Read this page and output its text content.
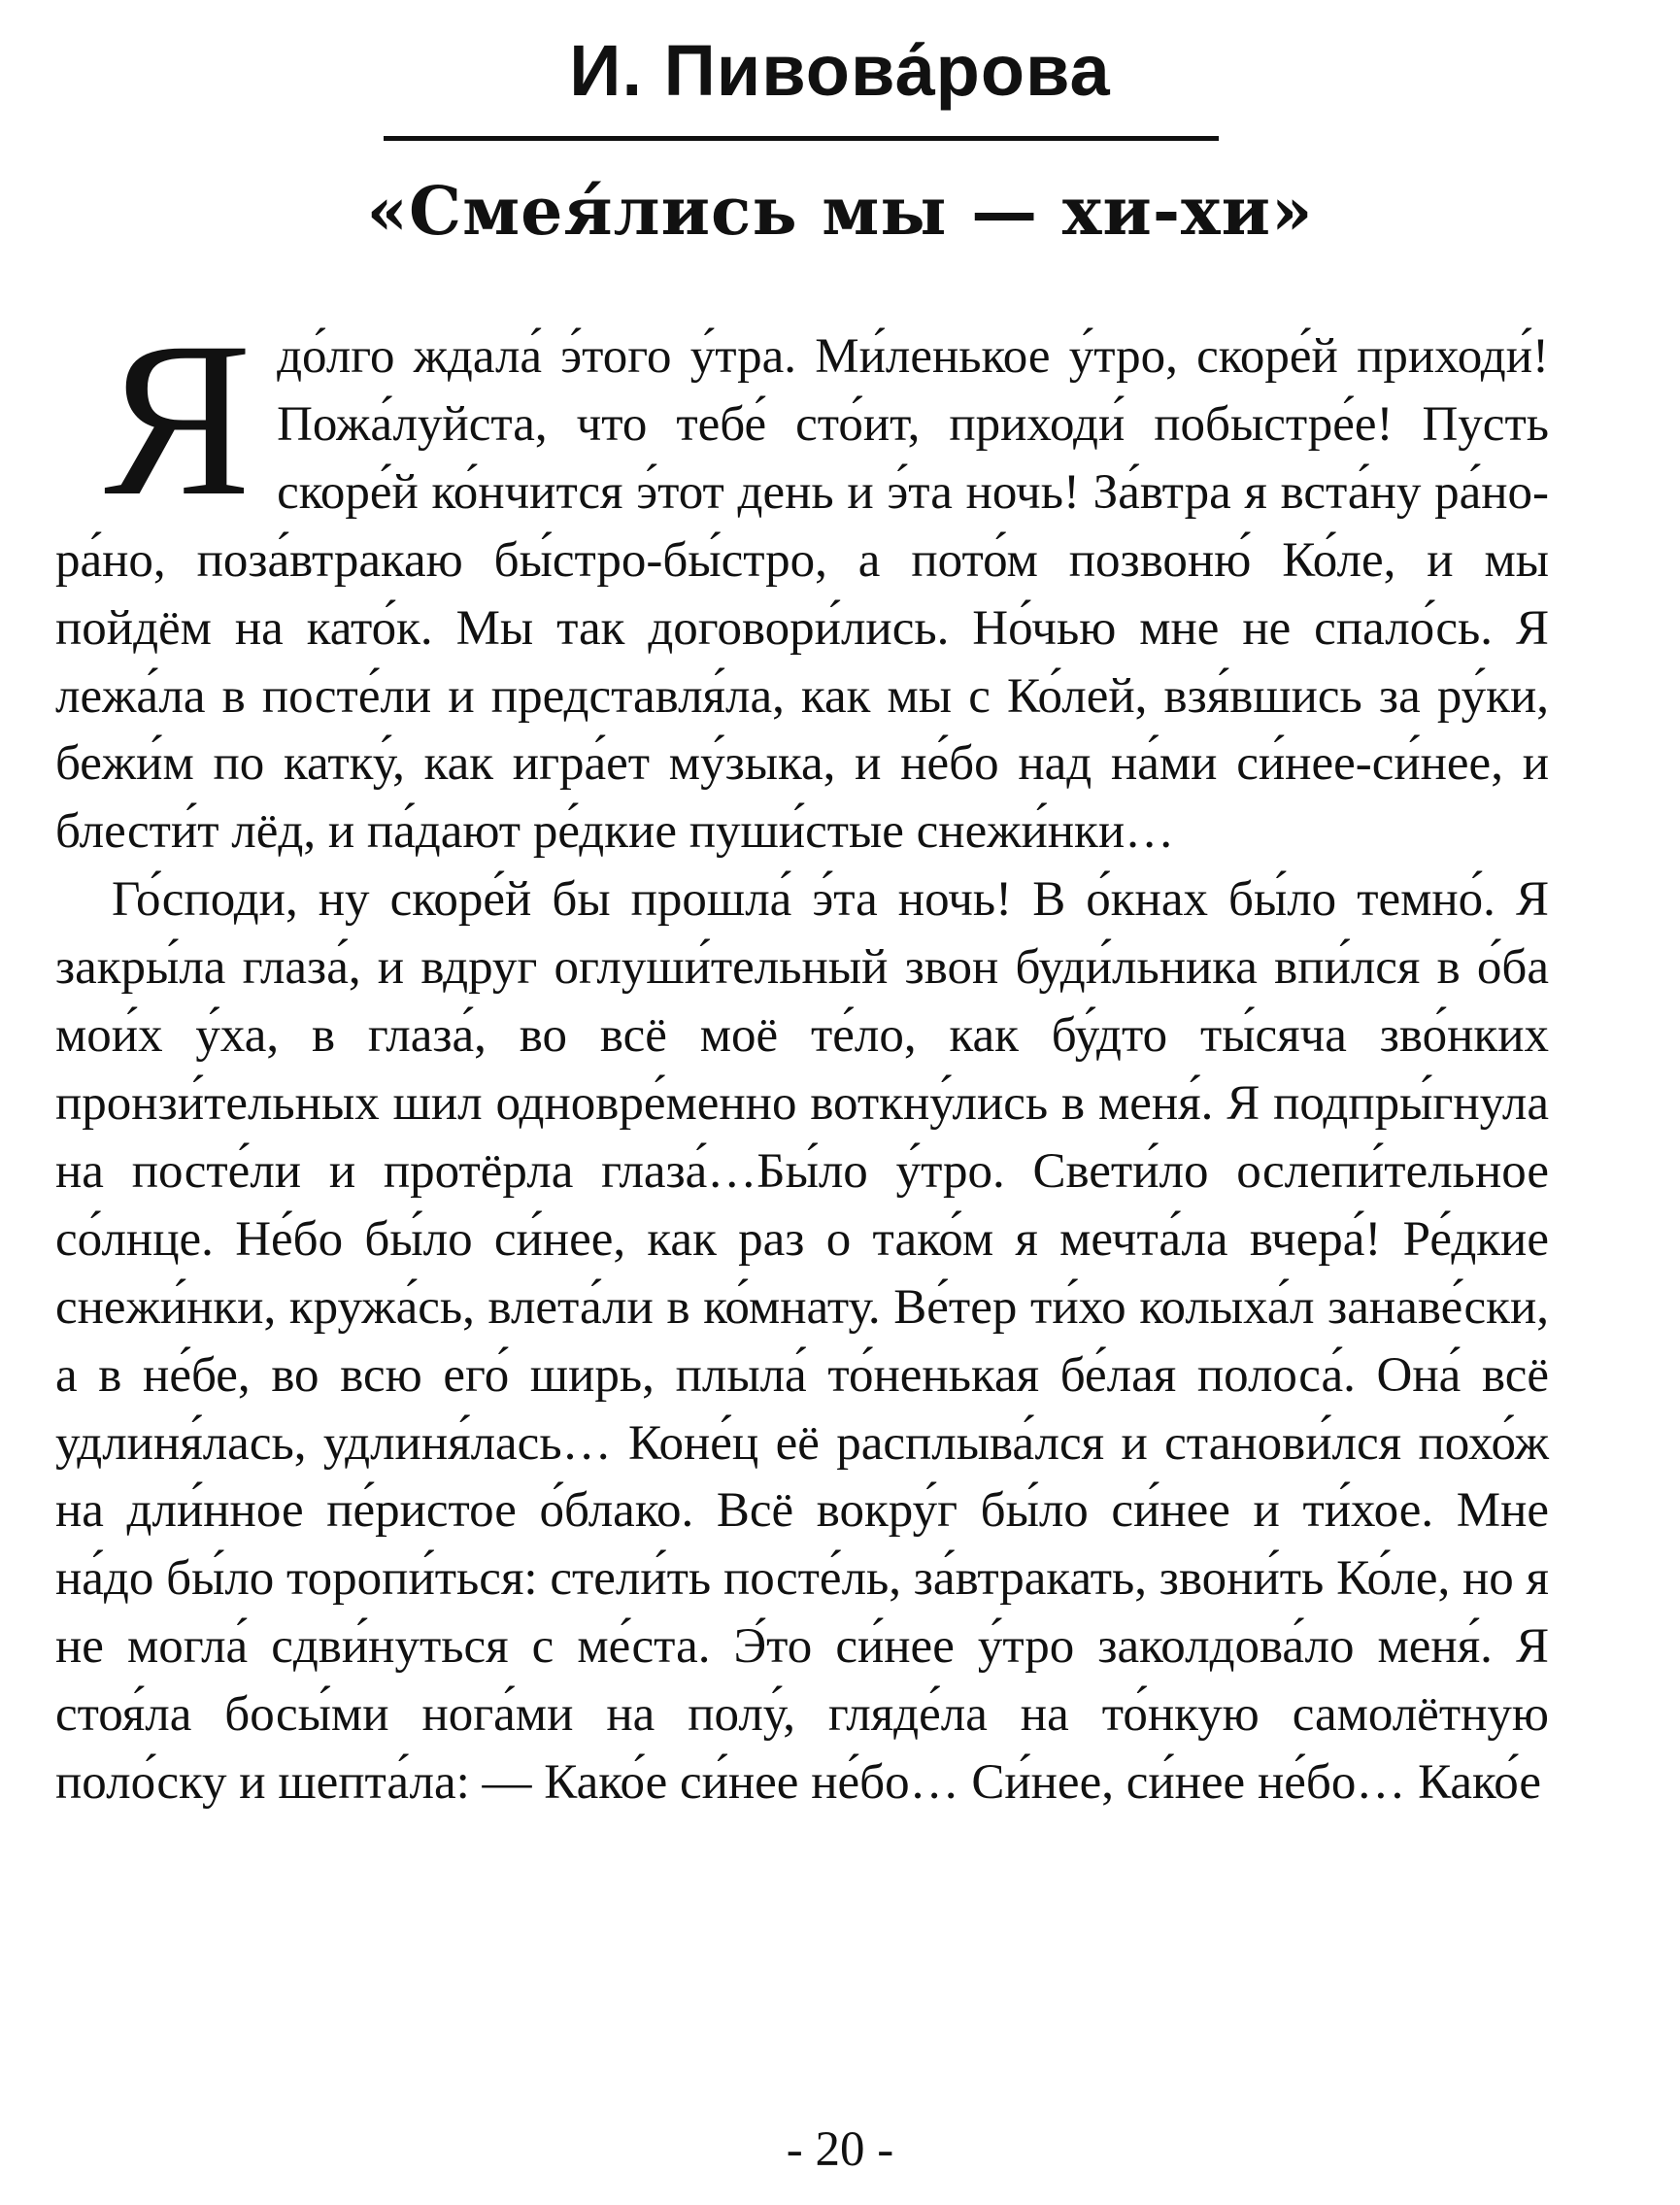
И. Пивова́рова
«Смея́лись мы — хи-хи»

Я до́лго ждала́ э́того у́тра. Ми́ленькое у́тро, скоре́й приходи́! Пожа́луйста, что тебе́ сто́ит, приходи́ побыстре́е! Пусть скоре́й ко́нчится э́тот день и э́та ночь! За́втра я вста́ну ра́но-ра́но, поза́втракаю бы́стро-бы́стро, а пото́м позвоню́ Ко́ле, и мы пойдём на като́к. Мы так договори́лись. Но́чью мне не спало́сь. Я лежа́ла в посте́ли и представля́ла, как мы с Ко́лей, взя́вшись за ру́ки, бежи́м по катку́, как игра́ет му́зыка, и не́бо над на́ми си́нее-си́нее, и блести́т лёд, и па́дают ре́дкие пуши́стые снежи́нки…

Го́споди, ну скоре́й бы прошла́ э́та ночь! В о́кнах бы́ло темно́. Я закры́ла глаза́, и вдруг оглуши́тельный звон буди́льника впи́лся в о́ба мои́х у́ха, в глаза́, во всё моё те́ло, как бу́дто ты́сяча зво́нких пронзи́тельных шил одновре́менно воткну́лись в меня́. Я подпры́гнула на посте́ли и протёрла глаза́…Бы́ло у́тро. Свети́ло ослепи́тельное со́лнце. Не́бо бы́ло си́нее, как раз о тако́м я мечта́ла вчера́! Ре́дкие снежи́нки, кружа́сь, влета́ли в ко́мнату. Ве́тер ти́хо колыха́л занаве́ски, а в не́бе, во всю его́ ширь, плыла́ то́ненькая бе́лая полоса́. Она́ всё удлиня́лась, удлиня́лась… Коне́ц её расплыва́лся и станови́лся похо́ж на дли́нное пе́ристое о́блако. Всё вокру́г бы́ло си́нее и ти́хое. Мне на́до бы́ло торопи́ться: стели́ть посте́ль, за́втракать, звони́ть Ко́ле, но я не могла́ сдви́нуться с ме́ста. Э́то си́нее у́тро заколдова́ло меня́. Я стоя́ла босы́ми нога́ми на полу́, гляде́ла на то́нкую самолётную поло́ску и шепта́ла: — Како́е си́нее не́бо… Си́нее, си́нее не́бо… Како́е

- 20 -
